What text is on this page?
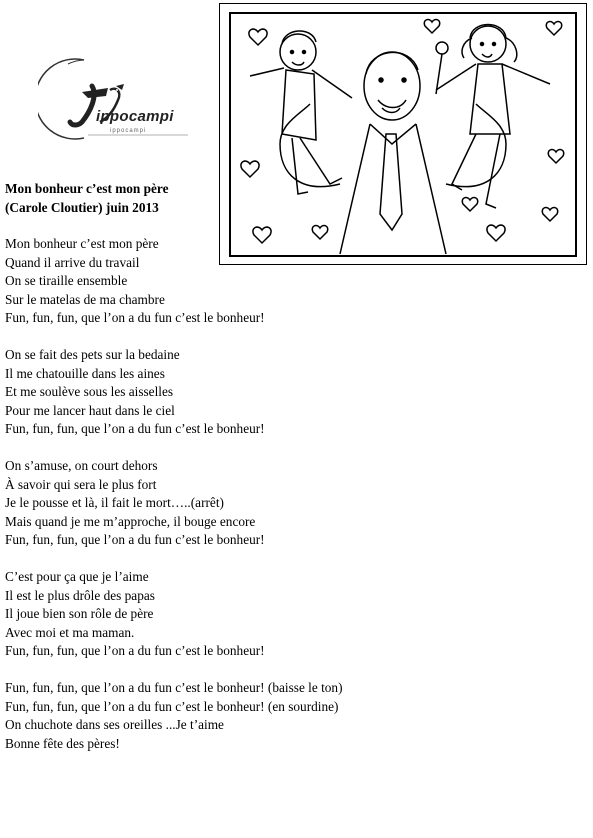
ippocampi
ippocampi
Mon bonheur c’est mon père
(Carole Cloutier) juin 2013
Mon bonheur c’est mon père
Quand il arrive du travail
On se tiraille ensemble
Sur le matelas de ma chambre
Fun, fun, fun, que l’on a du fun c’est le bonheur!
On se fait des pets sur la bedaine
Il me chatouille dans les aines
Et me soulève sous les aisselles
Pour me lancer haut dans le ciel
Fun, fun, fun, que l’on a du fun c’est le bonheur!
On s’amuse, on court dehors
À savoir qui sera le plus fort
Je le pousse et là, il fait le mort…..(arrêt)
Mais quand je me m’approche, il bouge encore
Fun, fun, fun, que l’on a du fun c’est le bonheur!
C’est pour ça que je l’aime
Il est le plus drôle des papas
Il joue bien son rôle de père
Avec moi et ma maman.
Fun, fun, fun, que l’on a du fun c’est le bonheur!
Fun, fun, fun, que l’on a du fun c’est le bonheur! (baisse le ton)
Fun, fun, fun, que l’on a du fun c’est le bonheur! (en sourdine)
On chuchote dans ses oreilles ...Je t’aime
Bonne fête des pères!
